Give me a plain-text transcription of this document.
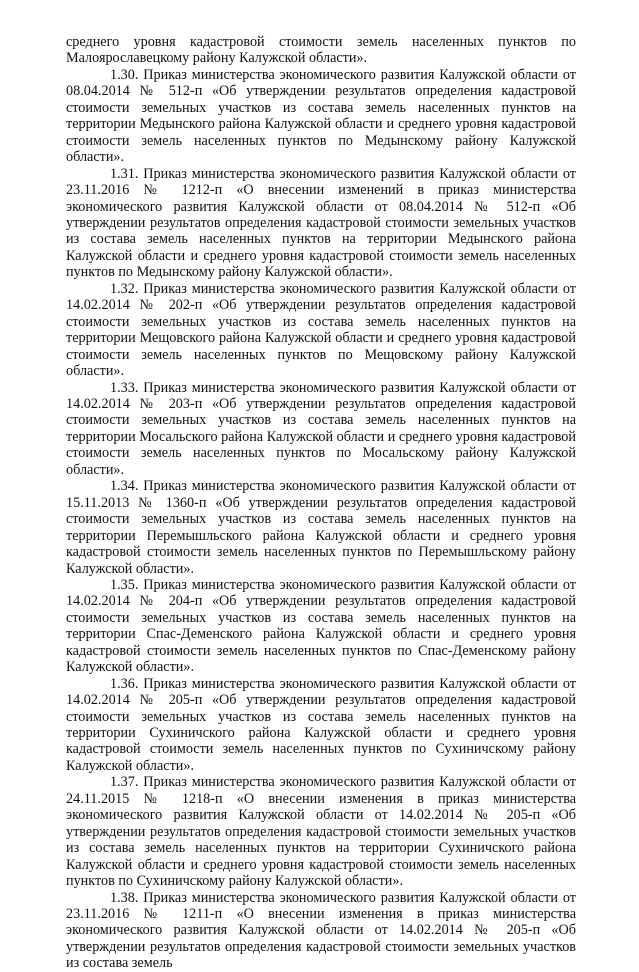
среднего уровня кадастровой стоимости земель населенных пунктов по Малоярославецкому району Калужской области».

1.30. Приказ министерства экономического развития Калужской области от 08.04.2014 № 512-п «Об утверждении результатов определения кадастровой стоимости земельных участков из состава земель населенных пунктов на территории Медынского района Калужской области и среднего уровня кадастровой стоимости земель населенных пунктов по Медынскому району Калужской области».

1.31. Приказ министерства экономического развития Калужской области от 23.11.2016 № 1212-п «О внесении изменений в приказ министерства экономического развития Калужской области от 08.04.2014 № 512-п «Об утверждении результатов определения кадастровой стоимости земельных участков из состава земель населенных пунктов на территории Медынского района Калужской области и среднего уровня кадастровой стоимости земель населенных пунктов по Медынскому району Калужской области».

1.32. Приказ министерства экономического развития Калужской области от 14.02.2014 № 202-п «Об утверждении результатов определения кадастровой стоимости земельных участков из состава земель населенных пунктов на территории Мещовского района Калужской области и среднего уровня кадастровой стоимости земель населенных пунктов по Мещовскому району Калужской области».

1.33. Приказ министерства экономического развития Калужской области от 14.02.2014 № 203-п «Об утверждении результатов определения кадастровой стоимости земельных участков из состава земель населенных пунктов на территории Мосальского района Калужской области и среднего уровня кадастровой стоимости земель населенных пунктов по Мосальскому району Калужской области».

1.34. Приказ министерства экономического развития Калужской области от 15.11.2013 № 1360-п «Об утверждении результатов определения кадастровой стоимости земельных участков из состава земель населенных пунктов на территории Перемышльского района Калужской области и среднего уровня кадастровой стоимости земель населенных пунктов по Перемышльскому району Калужской области».

1.35. Приказ министерства экономического развития Калужской области от 14.02.2014 № 204-п «Об утверждении результатов определения кадастровой стоимости земельных участков из состава земель населенных пунктов на территории Спас-Деменского района Калужской области и среднего уровня кадастровой стоимости земель населенных пунктов по Спас-Деменскому району Калужской области».

1.36. Приказ министерства экономического развития Калужской области от 14.02.2014 № 205-п «Об утверждении результатов определения кадастровой стоимости земельных участков из состава земель населенных пунктов на территории Сухиничского района Калужской области и среднего уровня кадастровой стоимости земель населенных пунктов по Сухиничскому району Калужской области».

1.37. Приказ министерства экономического развития Калужской области от 24.11.2015 № 1218-п «О внесении изменения в приказ министерства экономического развития Калужской области от 14.02.2014 № 205-п «Об утверждении результатов определения кадастровой стоимости земельных участков из состава земель населенных пунктов на территории Сухиничского района Калужской области и среднего уровня кадастровой стоимости земель населенных пунктов по Сухиничскому району Калужской области».

1.38. Приказ министерства экономического развития Калужской области от 23.11.2016 № 1211-п «О внесении изменения в приказ министерства экономического развития Калужской области от 14.02.2014 № 205-п «Об утверждении результатов определения кадастровой стоимости земельных участков из состава земель
